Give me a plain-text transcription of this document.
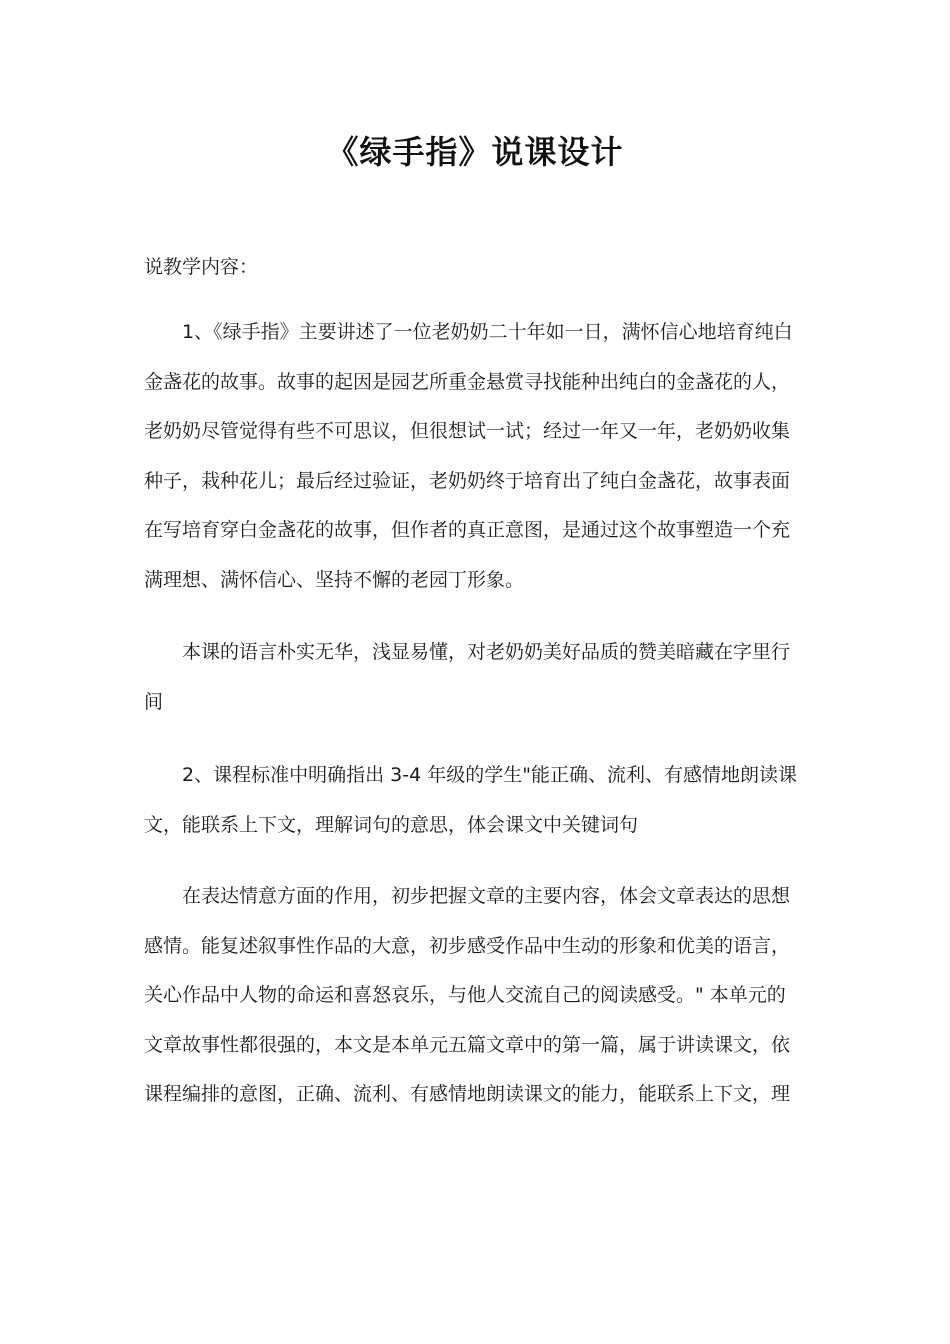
《绿手指》说课设计
说教学内容：
1、《绿手指》主要讲述了一位老奶奶二十年如一日，满怀信心地培育纯白
金盏花的故事。故事的起因是园艺所重金悬赏寻找能种出纯白的金盏花的人，
老奶奶尽管觉得有些不可思议，但很想试一试；经过一年又一年，老奶奶收集
种子，栽种花儿；最后经过验证，老奶奶终于培育出了纯白金盏花，故事表面
在写培育穿白金盏花的故事，但作者的真正意图，是通过这个故事塑造一个充
满理想、满怀信心、坚持不懈的老园丁形象。
本课的语言朴实无华，浅显易懂，对老奶奶美好品质的赞美暗藏在字里行
间
2、课程标准中明确指出 3-4 年级的学生"能正确、流利、有感情地朗读课
文，能联系上下文，理解词句的意思，体会课文中关键词句
在表达情意方面的作用，初步把握文章的主要内容，体会文章表达的思想
感情。能复述叙事性作品的大意，初步感受作品中生动的形象和优美的语言，
关心作品中人物的命运和喜怒哀乐，与他人交流自己的阅读感受。" 本单元的
文章故事性都很强的，本文是本单元五篇文章中的第一篇，属于讲读课文，依
课程编排的意图，正确、流利、有感情地朗读课文的能力，能联系上下文，理
